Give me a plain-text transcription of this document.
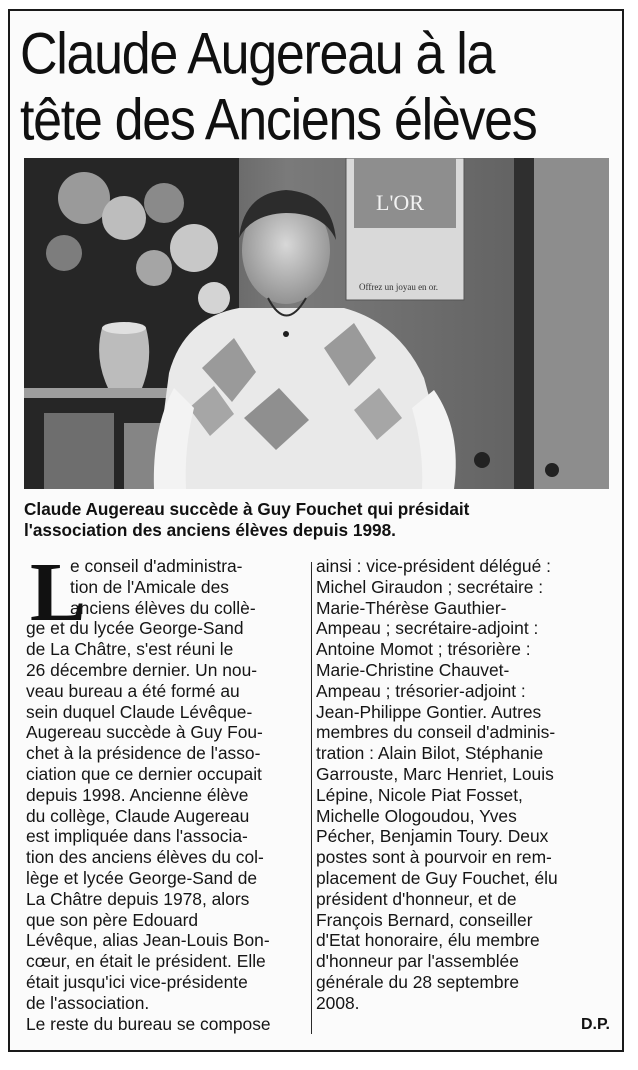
Claude Augereau à la
tête des Anciens élèves
L'OR
Offrez un joyau en or.

Claude Augereau succède à Guy Fouchet qui présidait
l'association des anciens élèves depuis 1998.

L
e conseil d'administra-
tion de l'Amicale des
anciens élèves du collè-
ge et du lycée George-Sand
de La Châtre, s'est réuni le
26 décembre dernier. Un nou-
veau bureau a été formé au
sein duquel Claude Lévêque-
Augereau succède à Guy Fou-
chet à la présidence de l'asso-
ciation que ce dernier occupait
depuis 1998. Ancienne élève
du collège, Claude Augereau
est impliquée dans l'associa-
tion des anciens élèves du col-
lège et lycée George-Sand de
La Châtre depuis 1978, alors
que son père Edouard
Lévêque, alias Jean-Louis Bon-
cœur, en était le président. Elle
était jusqu'ici vice-présidente
de l'association.
Le reste du bureau se compose
ainsi : vice-président délégué :
Michel Giraudon ; secrétaire :
Marie-Thérèse Gauthier-
Ampeau ; secrétaire-adjoint :
Antoine Momot ; trésorière :
Marie-Christine Chauvet-
Ampeau ; trésorier-adjoint :
Jean-Philippe Gontier. Autres
membres du conseil d'adminis-
tration : Alain Bilot, Stéphanie
Garrouste, Marc Henriet, Louis
Lépine, Nicole Piat Fosset,
Michelle Ologoudou, Yves
Pécher, Benjamin Toury. Deux
postes sont à pourvoir en rem-
placement de Guy Fouchet, élu
président d'honneur, et de
François Bernard, conseiller
d'Etat honoraire, élu membre
d'honneur par l'assemblée
générale du 28 septembre
2008.
D.P.
